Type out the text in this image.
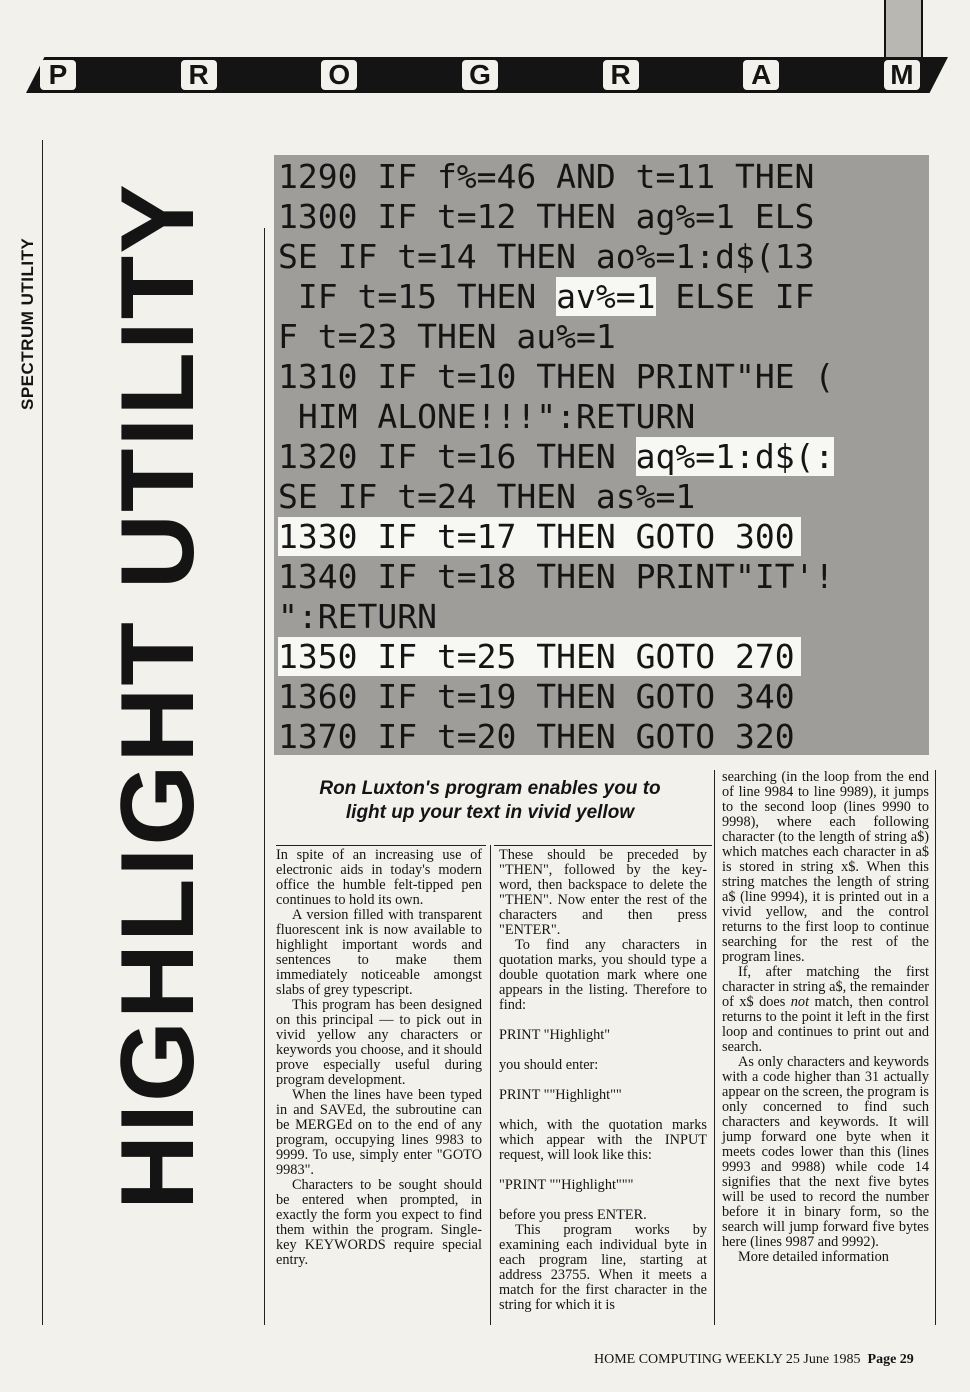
P	R	O	G	R	A	M
SPECTRUM UTILITY HIGHLIGHT UTILITY
1290 IF f%=46 AND t=11 THEN
1300 IF t=12 THEN ag%=1 ELS
SE IF t=14 THEN ao%=1:d$(13
IF t=15 THEN av%=1 ELSE IF
F t=23 THEN au%=1
1310 IF t=10 THEN PRINT"HE (
HIM ALONE!!!":RETURN
1320 IF t=16 THEN aq%=1:d$(:
SE IF t=24 THEN as%=1
1330 IF t=17 THEN GOTO 300
1340 IF t=18 THEN PRINT"IT'!
":RETURN
1350 IF t=25 THEN GOTO 270
1360 IF t=19 THEN GOTO 340
1370 IF t=20 THEN GOTO 320
Ron Luxton's program enables you to
light up your text in vivid yellow

In spite of an increasing use of electronic aids in today's modern office the humble felt-tipped pen continues to hold its own.

A version filled with transparent fluorescent ink is now available to highlight important words and sentences to make them immediately noticeable amongst slabs of grey typescript.

This program has been designed on this principal — to pick out in vivid yellow any characters or keywords you choose, and it should prove especially useful during program development.

When the lines have been typed in and SAVEd, the subroutine can be MERGEd on to the end of any program, occupying lines 9983 to 9999. To use, simply enter "GOTO 9983".

Characters to be sought should be entered when prompted, in exactly the form you expect to find them within the program. Single-key KEYWORDS require special entry.

These should be preceded by "THEN", followed by the key-word, then backspace to delete the "THEN". Now enter the rest of the characters and then press "ENTER".

To find any characters in quotation marks, you should type a double quotation mark where one appears in the listing. Therefore to find:

PRINT "Highlight"

you should enter:

PRINT ""Highlight""

which, with the quotation marks which appear with the INPUT request, will look like this:

"PRINT ""Highlight"""

before you press ENTER.

This program works by examining each individual byte in each program line, starting at address 23755. When it meets a match for the first character in the string for which it is

searching (in the loop from the end of line 9984 to line 9989), it jumps to the second loop (lines 9990 to 9998), where each following character (to the length of string a$) which matches each character in a$ is stored in string x$. When this string matches the length of string a$ (line 9994), it is printed out in a vivid yellow, and the control returns to the first loop to continue searching for the rest of the program lines.

If, after matching the first character in string a$, the remainder of x$ does not match, then control returns to the point it left in the first loop and continues to print out and search.

As only characters and keywords with a code higher than 31 actually appear on the screen, the program is only concerned to find such characters and keywords. It will jump forward one byte when it meets codes lower than this (lines 9993 and 9988) while code 14 signifies that the next five bytes will be used to record the number before it in binary form, so the search will jump forward five bytes here (lines 9987 and 9992).

More detailed information

HOME COMPUTING WEEKLY 25 June 1985 Page 29
